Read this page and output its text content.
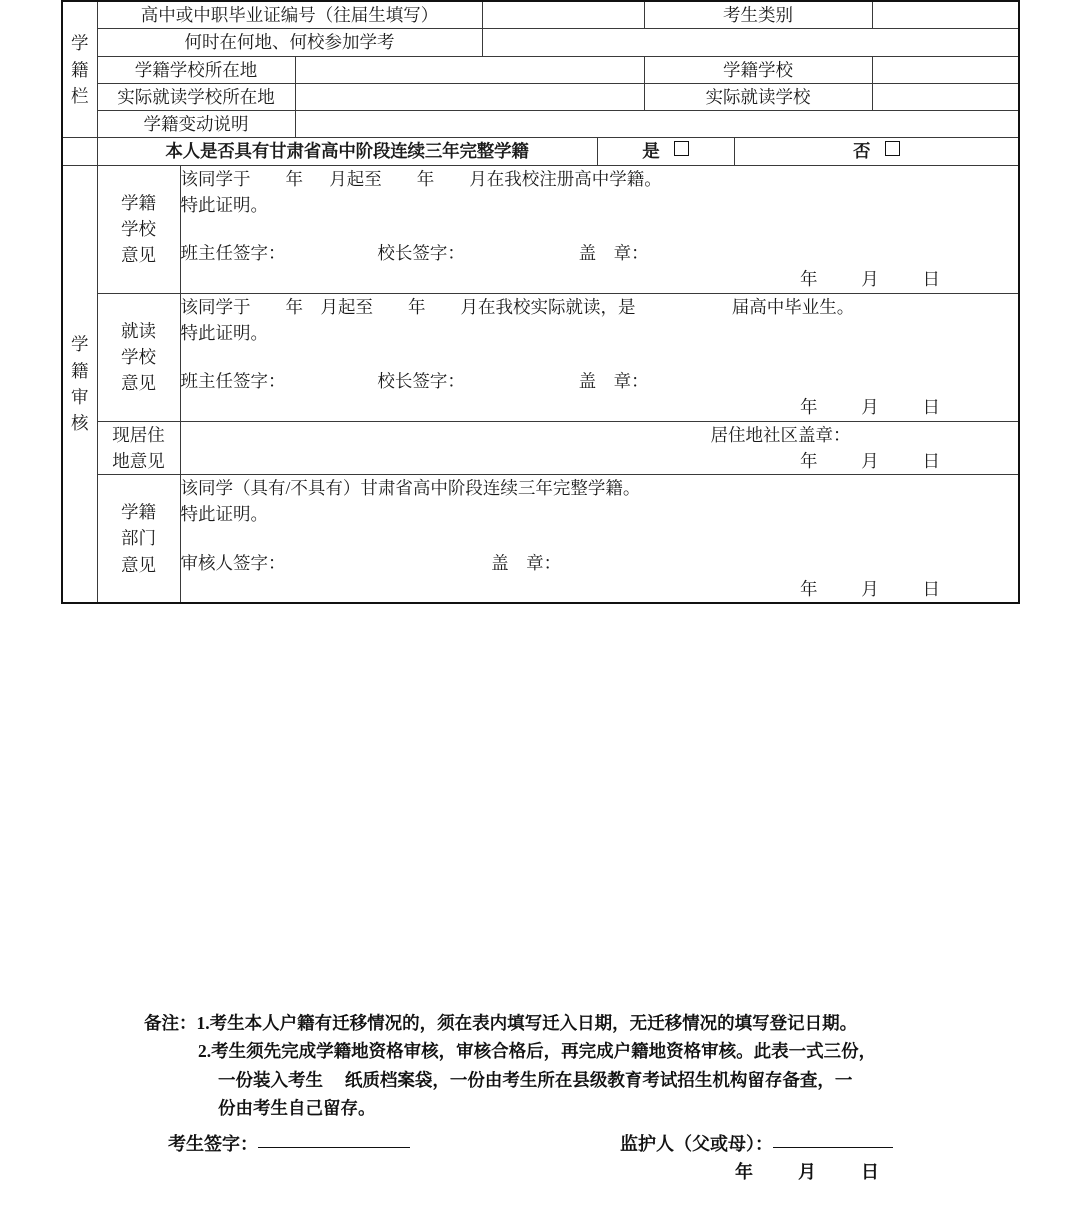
学
籍
栏	高中或中职毕业证编号（往届生填写）					考生类别		
	何时在何地、何校参加学考							
	学籍学校所在地					学籍学校		
	实际就读学校所在地					实际就读学校		
	学籍变动说明							
	本人是否具有甘肃省高中阶段连续三年完整学籍				是		否	

学
籍
审
核

学籍
学校
意见

该同学于        年      月起至        年        月在我校注册高中学籍。
特此证明。
班主任签字：                     校长签字：                          盖    章：
年          月          日

就读
学校
意见

该同学于        年    月起至        年        月在我校实际就读，是                      届高中毕业生。
特此证明。
班主任签字：                     校长签字：                          盖    章：
年          月          日

现居住
地意见

居住地社区盖章：
年          月          日

学籍
部门
意见

该同学（具有/不具有）甘肃省高中阶段连续三年完整学籍。
特此证明。
审核人签字：                                               盖    章：
年          月          日
备注： 1. 考生本人户籍有迁移情况的，须在表内填写迁入日期，无迁移情况的填写登记日期。
2. 考生须先完成学籍地资格审核，审核合格后，再完成户籍地资格审核。此表一式三份，
一份装入考生     纸质档案袋，一份由考生所在县级教育考试招生机构留存备查，一
份由考生自己留存。
考生签字：	监护人（父或母）：
年          月          日
